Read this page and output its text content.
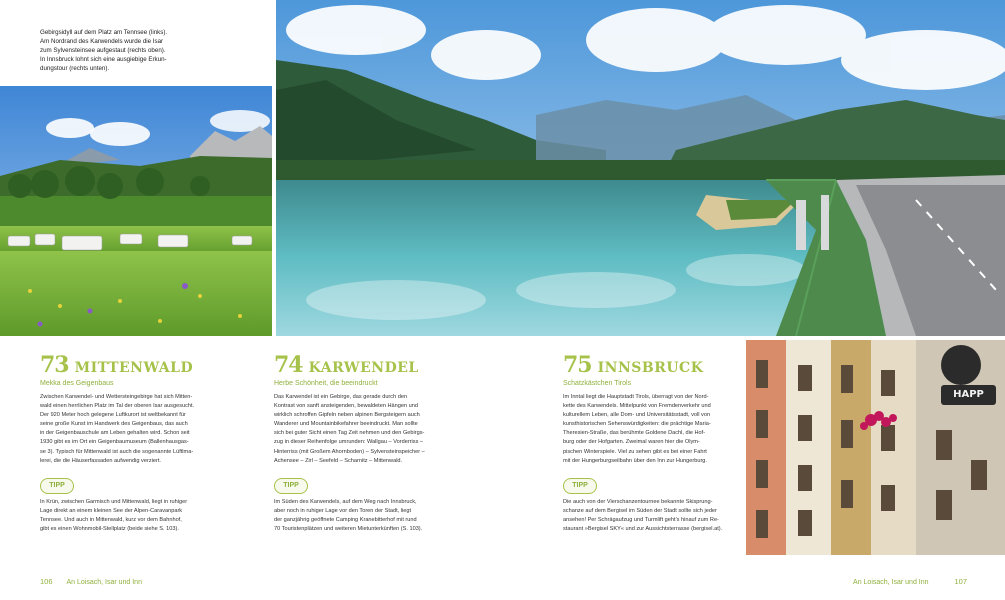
Gebirgsidyll auf dem Platz am Tennsee (links).
Am Nordrand des Karwendels wurde die Isar
zum Sylvensteinsee aufgestaut (rechts oben).
In Innsbruck lohnt sich eine ausgiebige Erkun-
dungstour (rechts unten).
73 MITTENWALD
Mekka des Geigenbaus
Zwischen Karwendel- und Wettersteingebirge hat sich Mitten-
wald einen herrlichen Platz im Tal der oberen Isar ausgesucht.
Der 920 Meter hoch gelegene Luftkurort ist weltbekannt für
seine große Kunst im Handwerk des Geigenbaus, das auch
in der Geigenbauschule am Leben gehalten wird. Schon seit
1930 gibt es im Ort ein Geigenbaumuseum (Ballenhausgas-
se 3). Typisch für Mittenwald ist auch die sogenannte Lüftlma-
lerei, die die Häuserfassaden aufwendig verziert.
TIPP
In Krün, zwischen Garmisch und Mittenwald, liegt in ruhiger
Lage direkt an einem kleinen See der Alpen-Caravanpark
Tennsee. Und auch in Mittenwald, kurz vor dem Bahnhof,
gibt es einen Wohnmobil-Stellplatz (beide siehe S. 103).
74 KARWENDEL
Herbe Schönheit, die beeindruckt
Das Karwendel ist ein Gebirge, das gerade durch den
Kontrast von sanft ansteigenden, bewaldeten Hängen und
wirklich schroffen Gipfeln neben alpinen Bergsteigern auch
Wanderer und Mountainbikefahrer beeindruckt. Man sollte
sich bei guter Sicht einen Tag Zeit nehmen und den Gebirgs-
zug in dieser Reihenfolge umrunden: Wallgau – Vorderriss –
Hinterriss (mit Großem Ahornboden) – Sylvensteinspeicher –
Achensee – Zirl – Seefeld – Scharnitz – Mittenwald.
TIPP
Im Süden des Karwendels, auf dem Weg nach Innsbruck,
aber noch in ruhiger Lage vor den Toren der Stadt, liegt
der ganzjährig geöffnete Camping Kranebitterhof mit rund
70 Touristenplätzen und weiteren Mietunterkünften (S. 103).
75 INNSBRUCK
Schatzkästchen Tirols
Im Inntal liegt die Hauptstadt Tirols, überragt von der Nord-
kette des Karwendels. Mittelpunkt von Fremdenverkehr und
kulturellem Leben, alle Dom- und Universitätsstadt, voll von
kunsthistorischen Sehenswürdigkeiten: die prächtige Maria-
Theresien-Straße, das berühmte Goldene Dachl, die Hof-
burg oder der Hofgarten. Zweimal waren hier die Olym-
pischen Winterspiele. Viel zu sehen gibt es bei einer Fahrt
mit der Hungerburgseilbahn über den Inn zur Hungerburg.
TIPP
Die auch von der Vierschanzentournee bekannte Skisprung-
schanze auf dem Bergisel im Süden der Stadt sollte sich jeder
ansehen! Per Schrägaufzug und Turmlift geht's hinauf zum Re-
staurant »Bergisel SKY« und zur Aussichtsterrasse (bergisel.at).
HAPP
106 An Loisach, Isar und Inn	An Loisach, Isar und Inn	107
